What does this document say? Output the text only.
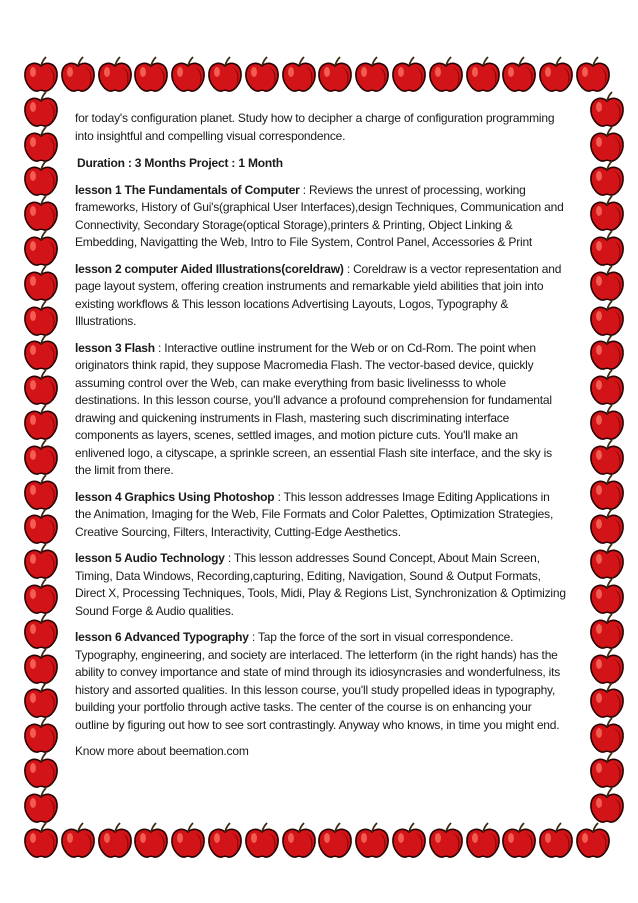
for today's configuration planet. Study how to decipher a charge of configuration programming into insightful and compelling visual correspondence.

Duration : 3 Months Project : 1 Month

lesson 1 The Fundamentals of Computer : Reviews the unrest of processing, working frameworks, History of Gui's(graphical User Interfaces),design Techniques, Communication and Connectivity, Secondary Storage(optical Storage),printers & Printing, Object Linking & Embedding, Navigatting the Web, Intro to File System, Control Panel, Accessories & Print

lesson 2 computer Aided Illustrations(coreldraw) : Coreldraw is a vector representation and page layout system, offering creation instruments and remarkable yield abilities that join into existing workflows & This lesson locations Advertising Layouts, Logos, Typography & Illustrations.

lesson 3 Flash : Interactive outline instrument for the Web or on Cd-Rom. The point when originators think rapid, they suppose Macromedia Flash. The vector-based device, quickly assuming control over the Web, can make everything from basic livelinesss to whole destinations. In this lesson course, you'll advance a profound comprehension for fundamental drawing and quickening instruments in Flash, mastering such discriminating interface components as layers, scenes, settled images, and motion picture cuts. You'll make an enlivened logo, a cityscape, a sprinkle screen, an essential Flash site interface, and the sky is the limit from there.

lesson 4 Graphics Using Photoshop : This lesson addresses Image Editing Applications in the Animation, Imaging for the Web, File Formats and Color Palettes, Optimization Strategies, Creative Sourcing, Filters, Interactivity, Cutting-Edge Aesthetics.

lesson 5 Audio Technology : This lesson addresses Sound Concept, About Main Screen, Timing, Data Windows, Recording,capturing, Editing, Navigation, Sound & Output Formats, Direct X, Processing Techniques, Tools, Midi, Play & Regions List, Synchronization & Optimizing Sound Forge & Audio qualities.

lesson 6 Advanced Typography : Tap the force of the sort in visual correspondence. Typography, engineering, and society are interlaced. The letterform (in the right hands) has the ability to convey importance and state of mind through its idiosyncrasies and wonderfulness, its history and assorted qualities. In this lesson course, you'll study propelled ideas in typography, building your portfolio through active tasks. The center of the course is on enhancing your outline by figuring out how to see sort contrastingly. Anyway who knows, in time you might end.

Know more about beemation.com
